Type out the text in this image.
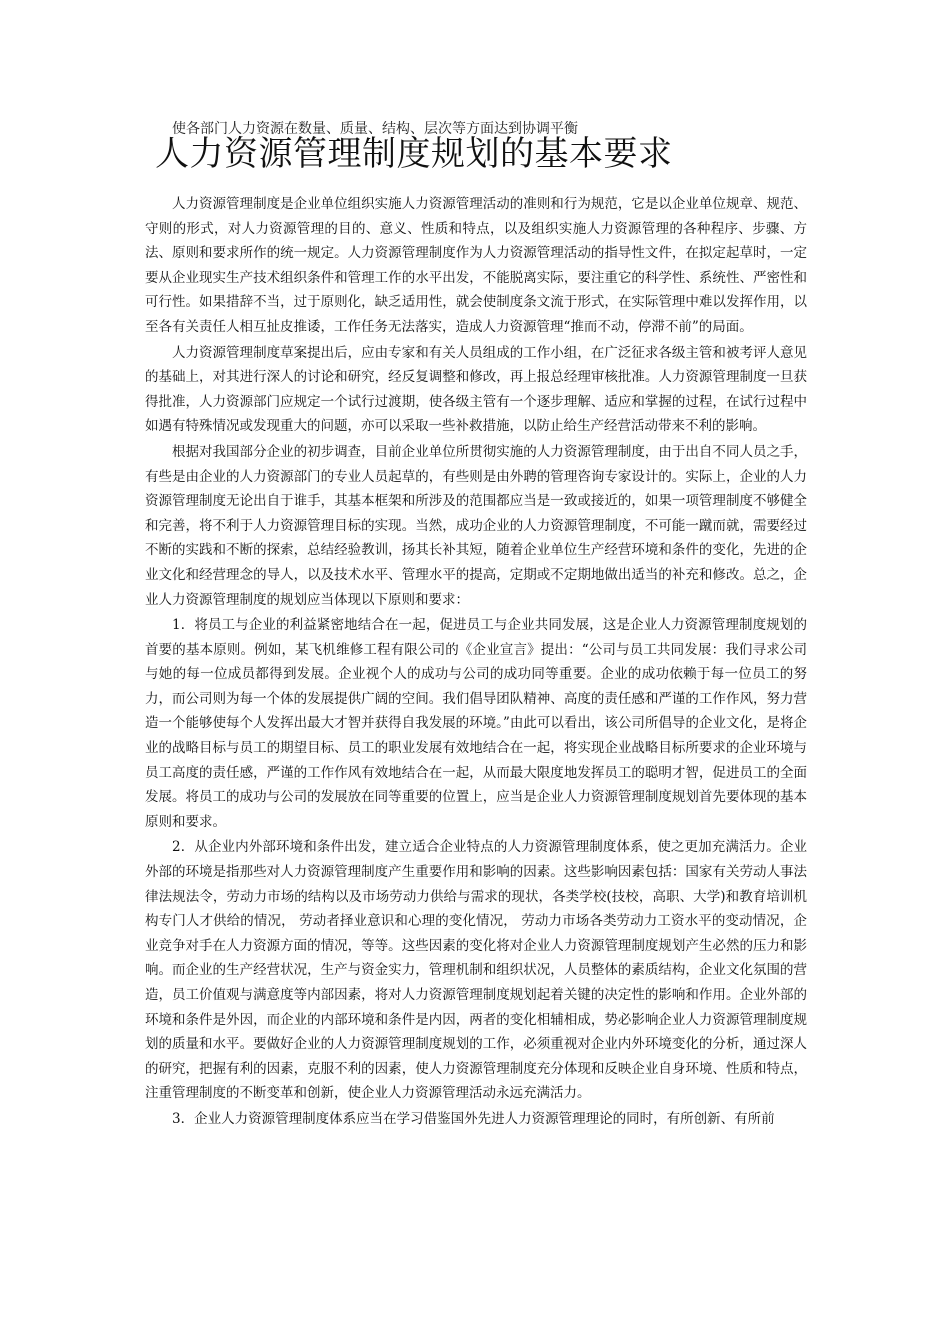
使各部门人力资源在数量、质量、结构、层次等方面达到协调平衡
人力资源管理制度规划的基本要求

人力资源管理制度是企业单位组织实施人力资源管理活动的准则和行为规范，它是以企业单位规章、规范、守则的形式，对人力资源管理的目的、意义、性质和特点，以及组织实施人力资源管理的各种程序、步骤、方法、原则和要求所作的统一规定。人力资源管理制度作为人力资源管理活动的指导性文件，在拟定起草时，一定要从企业现实生产技术组织条件和管理工作的水平出发，不能脱离实际，要注重它的科学性、系统性、严密性和可行性。如果措辞不当，过于原则化，缺乏适用性，就会使制度条文流于形式，在实际管理中难以发挥作用，以至各有关责任人相互扯皮推诿，工作任务无法落实，造成人力资源管理“推而不动，停滞不前”的局面。

人力资源管理制度草案提出后，应由专家和有关人员组成的工作小组，在广泛征求各级主管和被考评人意见的基础上，对其进行深人的讨论和研究，经反复调整和修改，再上报总经理审核批准。人力资源管理制度一旦获得批准，人力资源部门应规定一个试行过渡期，使各级主管有一个逐步理解、适应和掌握的过程，在试行过程中如遇有特殊情况或发现重大的问题，亦可以采取一些补救措施，以防止给生产经营活动带来不利的影响。

根据对我国部分企业的初步调查，目前企业单位所贯彻实施的人力资源管理制度，由于出自不同人员之手，有些是由企业的人力资源部门的专业人员起草的，有些则是由外聘的管理咨询专家设计的。实际上，企业的人力资源管理制度无论出自于谁手，其基本框架和所涉及的范围都应当是一致或接近的，如果一项管理制度不够健全和完善，将不利于人力资源管理目标的实现。当然，成功企业的人力资源管理制度，不可能一蹴而就，需要经过不断的实践和不断的探索，总结经验教训，扬其长补其短，随着企业单位生产经营环境和条件的变化，先进的企业文化和经营理念的导人，以及技术水平、管理水平的提高，定期或不定期地做出适当的补充和修改。总之，企业人力资源管理制度的规划应当体现以下原则和要求：

1．将员工与企业的利益紧密地结合在一起，促进员工与企业共同发展，这是企业人力资源管理制度规划的首要的基本原则。例如，某飞机维修工程有限公司的《企业宣言》提出：“公司与员工共同发展：我们寻求公司与她的每一位成员都得到发展。企业视个人的成功与公司的成功同等重要。企业的成功依赖于每一位员工的努力，而公司则为每一个体的发展提供广阔的空间。我们倡导团队精神、高度的责任感和严谨的工作作风，努力营造一个能够使每个人发挥出最大才智并获得自我发展的环境。”由此可以看出，该公司所倡导的企业文化，是将企业的战略目标与员工的期望目标、员工的职业发展有效地结合在一起，将实现企业战略目标所要求的企业环境与员工高度的责任感，严谨的工作作风有效地结合在一起，从而最大限度地发挥员工的聪明才智，促进员工的全面发展。将员工的成功与公司的发展放在同等重要的位置上，应当是企业人力资源管理制度规划首先要体现的基本原则和要求。

2．从企业内外部环境和条件出发，建立适合企业特点的人力资源管理制度体系，使之更加充满活力。企业外部的环境是指那些对人力资源管理制度产生重要作用和影响的因素。这些影响因素包括：国家有关劳动人事法律法规法令，劳动力市场的结构以及市场劳动力供给与需求的现状，各类学校(技校，高职、大学)和教育培训机构专门人才供给的情况， 劳动者择业意识和心理的变化情况， 劳动力市场各类劳动力工资水平的变动情况，企业竞争对手在人力资源方面的情况，等等。这些因素的变化将对企业人力资源管理制度规划产生必然的压力和影响。而企业的生产经营状况，生产与资金实力，管理机制和组织状况，人员整体的素质结构，企业文化氛围的营造，员工价值观与满意度等内部因素，将对人力资源管理制度规划起着关键的决定性的影响和作用。企业外部的环境和条件是外因，而企业的内部环境和条件是内因，两者的变化相辅相成，势必影响企业人力资源管理制度规划的质量和水平。要做好企业的人力资源管理制度规划的工作，必须重视对企业内外环境变化的分析，通过深人的研究，把握有利的因素，克服不利的因素，使人力资源管理制度充分体现和反映企业自身环境、性质和特点，注重管理制度的不断变革和创新，使企业人力资源管理活动永远充满活力。

3．企业人力资源管理制度体系应当在学习借鉴国外先进人力资源管理理论的同时，有所创新、有所前
